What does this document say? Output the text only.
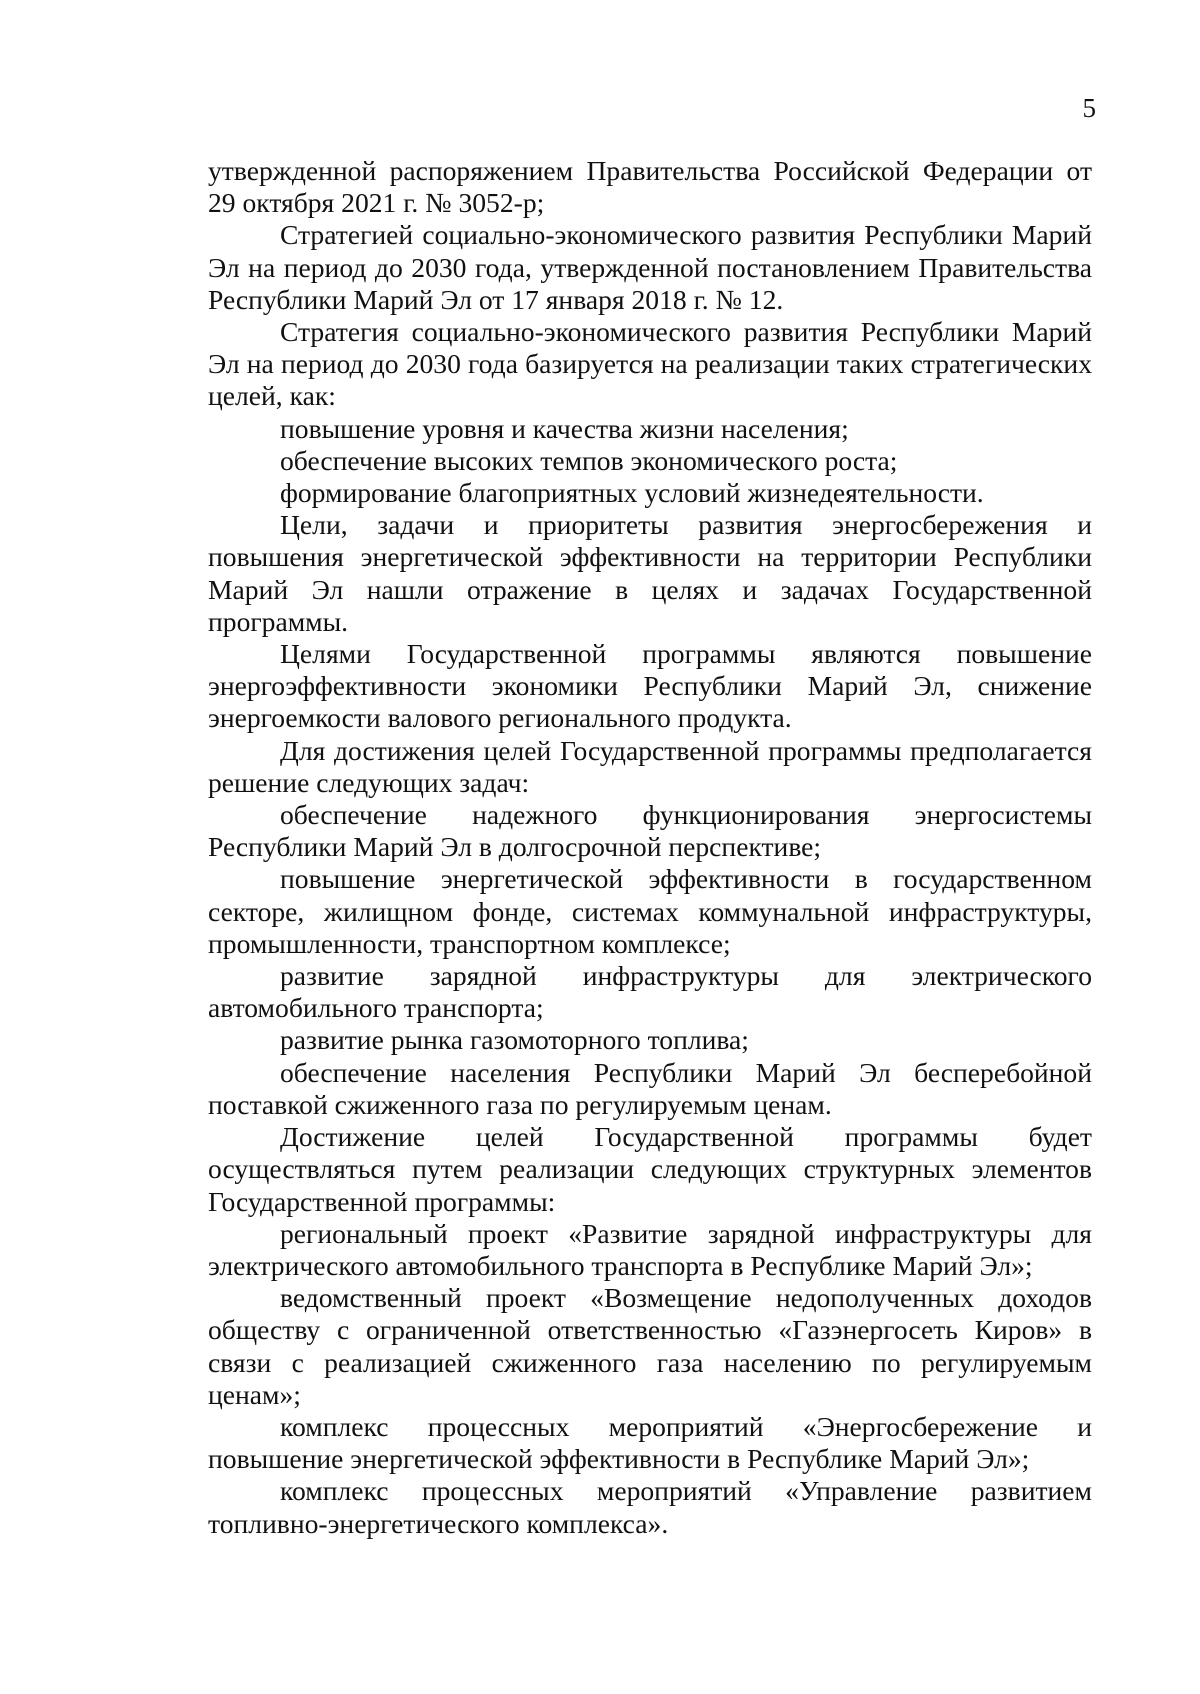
5

утвержденной распоряжением Правительства Российской Федерации от 29 октября 2021 г. № 3052-р;

Стратегией социально-экономического развития Республики Марий Эл на период до 2030 года, утвержденной постановлением Правительства Республики Марий Эл от 17 января 2018 г. № 12.

Стратегия социально-экономического развития Республики Марий Эл на период до 2030 года базируется на реализации таких стратегических целей, как:

повышение уровня и качества жизни населения;

обеспечение высоких темпов экономического роста;

формирование благоприятных условий жизнедеятельности.

Цели, задачи и приоритеты развития энергосбережения и повышения энергетической эффективности на территории Республики Марий Эл нашли отражение в целях и задачах Государственной программы.

Целями Государственной программы являются повышение энергоэффективности экономики Республики Марий Эл, снижение энергоемкости валового регионального продукта.

Для достижения целей Государственной программы предполагается решение следующих задач:

обеспечение надежного функционирования энергосистемы Республики Марий Эл в долгосрочной перспективе;

повышение энергетической эффективности в государственном секторе, жилищном фонде, системах коммунальной инфраструктуры, промышленности, транспортном комплексе;

развитие зарядной инфраструктуры для электрического автомобильного транспорта;

развитие рынка газомоторного топлива;

обеспечение населения Республики Марий Эл бесперебойной поставкой сжиженного газа по регулируемым ценам.

Достижение целей Государственной программы будет осуществляться путем реализации следующих структурных элементов Государственной программы:

региональный проект «Развитие зарядной инфраструктуры для электрического автомобильного транспорта в Республике Марий Эл»;

ведомственный проект «Возмещение недополученных доходов обществу с ограниченной ответственностью «Газэнергосеть Киров» в связи с реализацией сжиженного газа населению по регулируемым ценам»;

комплекс процессных мероприятий «Энергосбережение и повышение энергетической эффективности в Республике Марий Эл»;

комплекс процессных мероприятий «Управление развитием топливно-энергетического комплекса».
